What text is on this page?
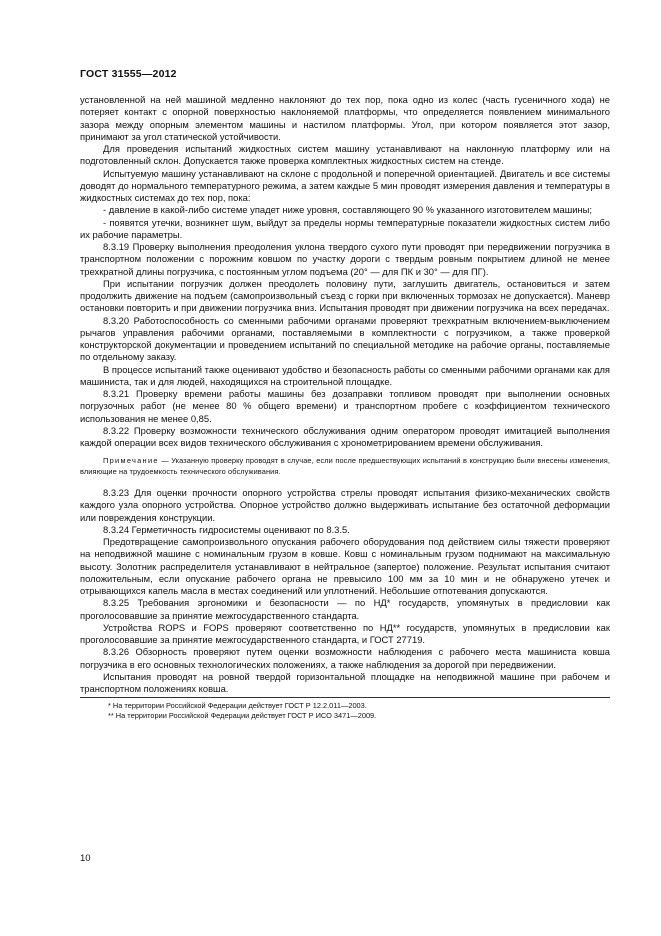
ГОСТ 31555—2012

установленной на ней машиной медленно наклоняют до тех пор, пока одно из колес (часть гусеничного хода) не потеряет контакт с опорной поверхностью наклоняемой платформы, что определяется появлением минимального зазора между опорным элементом машины и настилом платформы. Угол, при котором появляется этот зазор, принимают за угол статической устойчивости.

Для проведения испытаний жидкостных систем машину устанавливают на наклонную платформу или на подготовленный склон. Допускается также проверка комплектных жидкостных систем на стенде.

Испытуемую машину устанавливают на склоне с продольной и поперечной ориентацией. Двигатель и все системы доводят до нормального температурного режима, а затем каждые 5 мин проводят измерения давления и температуры в жидкостных системах до тех пор, пока:

- давление в какой-либо системе упадет ниже уровня, составляющего 90 % указанного изготовителем машины;

- появятся утечки, возникнет шум, выйдут за пределы нормы температурные показатели жидкостных систем либо их рабочие параметры.

8.3.19 Проверку выполнения преодоления уклона твердого сухого пути проводят при передвижении погрузчика в транспортном положении с порожним ковшом по участку дороги с твердым ровным покрытием длиной не менее трехкратной длины погрузчика, с постоянным углом подъема (20° — для ПК и 30° — для ПГ).

При испытании погрузчик должен преодолеть половину пути, заглушить двигатель, остановиться и затем продолжить движение на подъем (самопроизвольный съезд с горки при включенных тормозах не допускается). Маневр остановки повторить и при движении погрузчика вниз. Испытания проводят при движении погрузчика на всех передачах.

8.3.20 Работоспособность со сменными рабочими органами проверяют трехкратным включением-выключением рычагов управления рабочими органами, поставляемыми в комплектности с погрузчиком, а также проверкой конструкторской документации и проведением испытаний по специальной методике на рабочие органы, поставляемые по отдельному заказу.

В процессе испытаний также оценивают удобство и безопасность работы со сменными рабочими органами как для машиниста, так и для людей, находящихся на строительной площадке.

8.3.21 Проверку времени работы машины без дозаправки топливом проводят при выполнении основных погрузочных работ (не менее 80 % общего времени) и транспортном пробеге с коэффициентом технического использования не менее 0,85.

8.3.22 Проверку возможности технического обслуживания одним оператором проводят имитацией выполнения каждой операции всех видов технического обслуживания с хронометрированием времени обслуживания.

Примечание — Указанную проверку проводят в случае, если после предшествующих испытаний в конструкцию были внесены изменения, влияющие на трудоемкость технического обслуживания.

8.3.23 Для оценки прочности опорного устройства стрелы проводят испытания физико-механических свойств каждого узла опорного устройства. Опорное устройство должно выдерживать испытание без остаточной деформации или повреждения конструкции.

8.3.24 Герметичность гидросистемы оценивают по 8.3.5.

Предотвращение самопроизвольного опускания рабочего оборудования под действием силы тяжести проверяют на неподвижной машине с номинальным грузом в ковше. Ковш с номинальным грузом поднимают на максимальную высоту. Золотник распределителя устанавливают в нейтральное (запертое) положение. Результат испытания считают положительным, если опускание рабочего органа не превысило 100 мм за 10 мин и не обнаружено утечек и отрывающихся капель масла в местах соединений или уплотнений. Небольшие отпотевания допускаются.

8.3.25 Требования эргономики и безопасности — по НД* государств, упомянутых в предисловии как проголосовавшие за принятие межгосударственного стандарта.

Устройства ROPS и FOPS проверяют соответственно по НД** государств, упомянутых в предисловии как проголосовавшие за принятие межгосударственного стандарта, и ГОСТ 27719.

8.3.26 Обзорность проверяют путем оценки возможности наблюдения с рабочего места машиниста ковша погрузчика в его основных технологических положениях, а также наблюдения за дорогой при передвижении.

Испытания проводят на ровной твердой горизонтальной площадке на неподвижной машине при рабочем и транспортном положениях ковша.

* На территории Российской Федерации действует ГОСТ Р 12.2.011—2003.
** На территории Российской Федерации действует ГОСТ Р ИСО 3471—2009.
10
